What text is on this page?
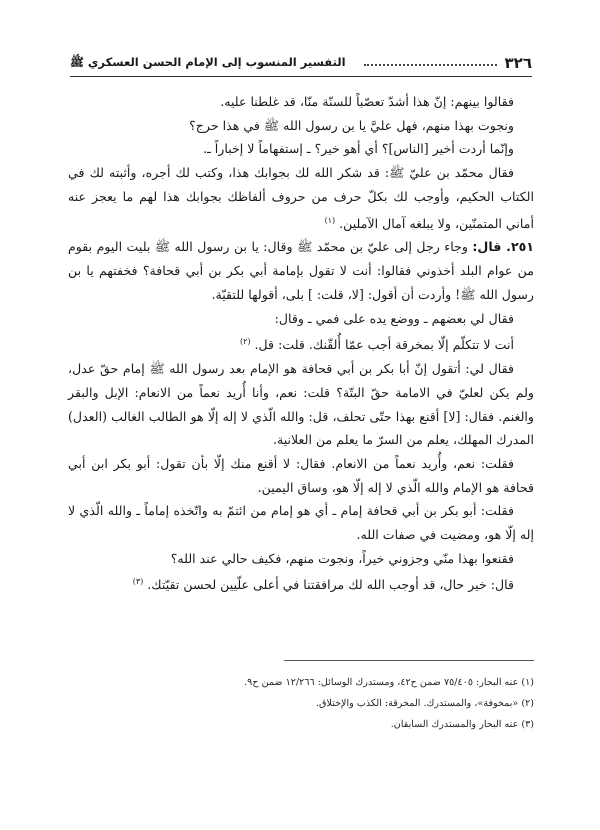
٣٢٦
التفسير المنسوب إلى الإمام الحسن العسكري ﷺ

فقالوا بينهم: إنّ هذا أشدّ تعصّباً للسنّة منّا، قد غلطنا عليه.

ونجوت بهذا منهم، فهل عليَّ يا بن رسول الله ﷺ في هذا حرج؟

وإنّما أردت أخير [الناس]؟ أي أهو خير؟ ـ إستفهاماً لا إخباراً ـ.

فقال محمّد بن عليّ ﷺ: قد شكر الله لك بجوابك هذا، وكتب لك أجره، وأثبته لك في الكتاب الحكيم، وأوجب لك بكلّ حرف من حروف ألفاظك بجوابك هذا لهم ما يعجز عنه أماني المتمنّين، ولا يبلغه آمال الآملين. $^{(١)}$

٢٥١. قال: وجاء رجل إلى عليّ بن محمّد ﷺ وقال: يا بن رسول الله ﷺ بليت اليوم بقوم من عوام البلد أخذوني فقالوا: أنت لا تقول بإمامة أبي بكر بن أبي قحافة؟ فخفتهم يا بن رسول الله ﷺ! وأردت أن أقول: [لا، قلت: ] بلى، أقولها للتقيّة.

فقال لي بعضهم ـ ووضع يده على فمي ـ وقال:

أنت لا تتكلّم إلّا بمخرقة أجب عمّا أُلقّنك. قلت: قل. $^{(٢)}$

فقال لي: أتقول إنّ أبا بكر بن أبي قحافة هو الإمام بعد رسول الله ﷺ إمام حقّ عدل، ولم يكن لعليّ في الامامة حقّ البتّة؟ قلت: نعم، وأنا أُريد نعماً من الانعام: الإبل والبقر والغنم. فقال: [لا] أقنع بهذا حتّى تحلف، قل: والله الّذي لا إله إلّا هو الطالب الغالب (العدل) المدرك المهلك، يعلم من السرّ ما يعلم من العلانية.

فقلت: نعم، وأُريد نعماً من الانعام. فقال: لا أقنع منك إلّا بأن تقول: أبو بكر ابن أبي قحافة هو الإمام والله الّذي لا إله إلّا هو، وساق اليمين.

فقلت: أبو بكر بن أبي قحافة إمام ـ أي هو إمام من ائتمّ به واتّخذه إماماً ـ والله الّذي لا إله إلّا هو، ومضيت في صفات الله.

فقنعوا بهذا منّي وجزوني خيراً، ونجوت منهم، فكيف حالي عند الله؟

قال: خير حال، قد أوجب الله لك مرافقتنا في أعلى علّيين لحسن تقيّتك. $^{(٣)}$

(١) عنه البحار: ٧٥/٤٠٥ ضمن ح٤٢، ومستدرك الوسائل: ١٢/٢٦٦ ضمن ح٩.

(٢) «بمخوفة»، والمستدرك. المخرقة: الكذب والإختلاق.

(٣) عنه البحار والمستدرك السابقان.
